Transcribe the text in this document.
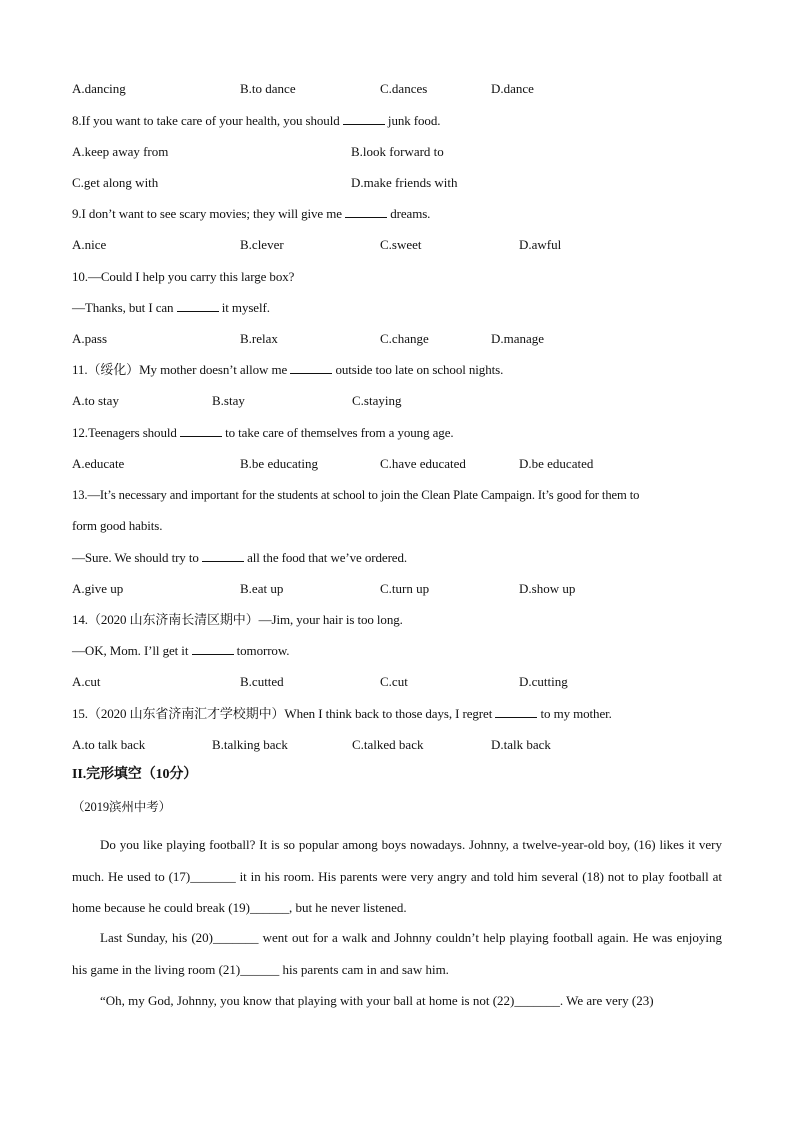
A.dancing	B.to dance	C.dances	D.dance
8.If you want to take care of your health, you should	junk food.
A.keep away from	B.look forward to
C.get along with	D.make friends with
9.I don’t want to see scary movies; they will give me	dreams.
A.nice	B.clever	C.sweet	D.awful
10.—Could I help you carry this large box?
—Thanks, but I can	it myself.
A.pass	B.relax	C.change	D.manage
11.（绥化）My mother doesn’t allow me	outside too late on school nights.
A.to stay	B.stay	C.staying
12.Teenagers should	to take care of themselves from a young age.
A.educate	B.be educating	C.have educated	D.be educated
13.—It’s necessary and important for the students at school to join the Clean Plate Campaign. It’s good for them to
form good habits.
—Sure. We should try to	all the food that we’ve ordered.
A.give up	B.eat up	C.turn up	D.show up
14.（2020 山东济南长清区期中）—Jim, your hair is too long.
—OK, Mom. I’ll get it	tomorrow.
A.cut	B.cutted	C.cut	D.cutting
15.（2020 山东省济南汇才学校期中）When I think back to those days, I regret	to my mother.
A.to talk back	B.talking back	C.talked back	D.talk back
II.完形填空（10分）
（2019滨州中考）
Do you like playing football? It is so popular among boys nowadays. Johnny, a twelve-year-old boy, (16) likes it very much. He used to (17)_______ it in his room. His parents were very angry and told him several (18) not to play football at home because he could break (19)______, but he never listened.
Last Sunday, his (20)_______ went out for a walk and Johnny couldn’t help playing football again. He was enjoying his game in the living room (21)______ his parents cam in and saw him.
“Oh, my God, Johnny, you know that playing with your ball at home is not (22)_______. We are very (23)
